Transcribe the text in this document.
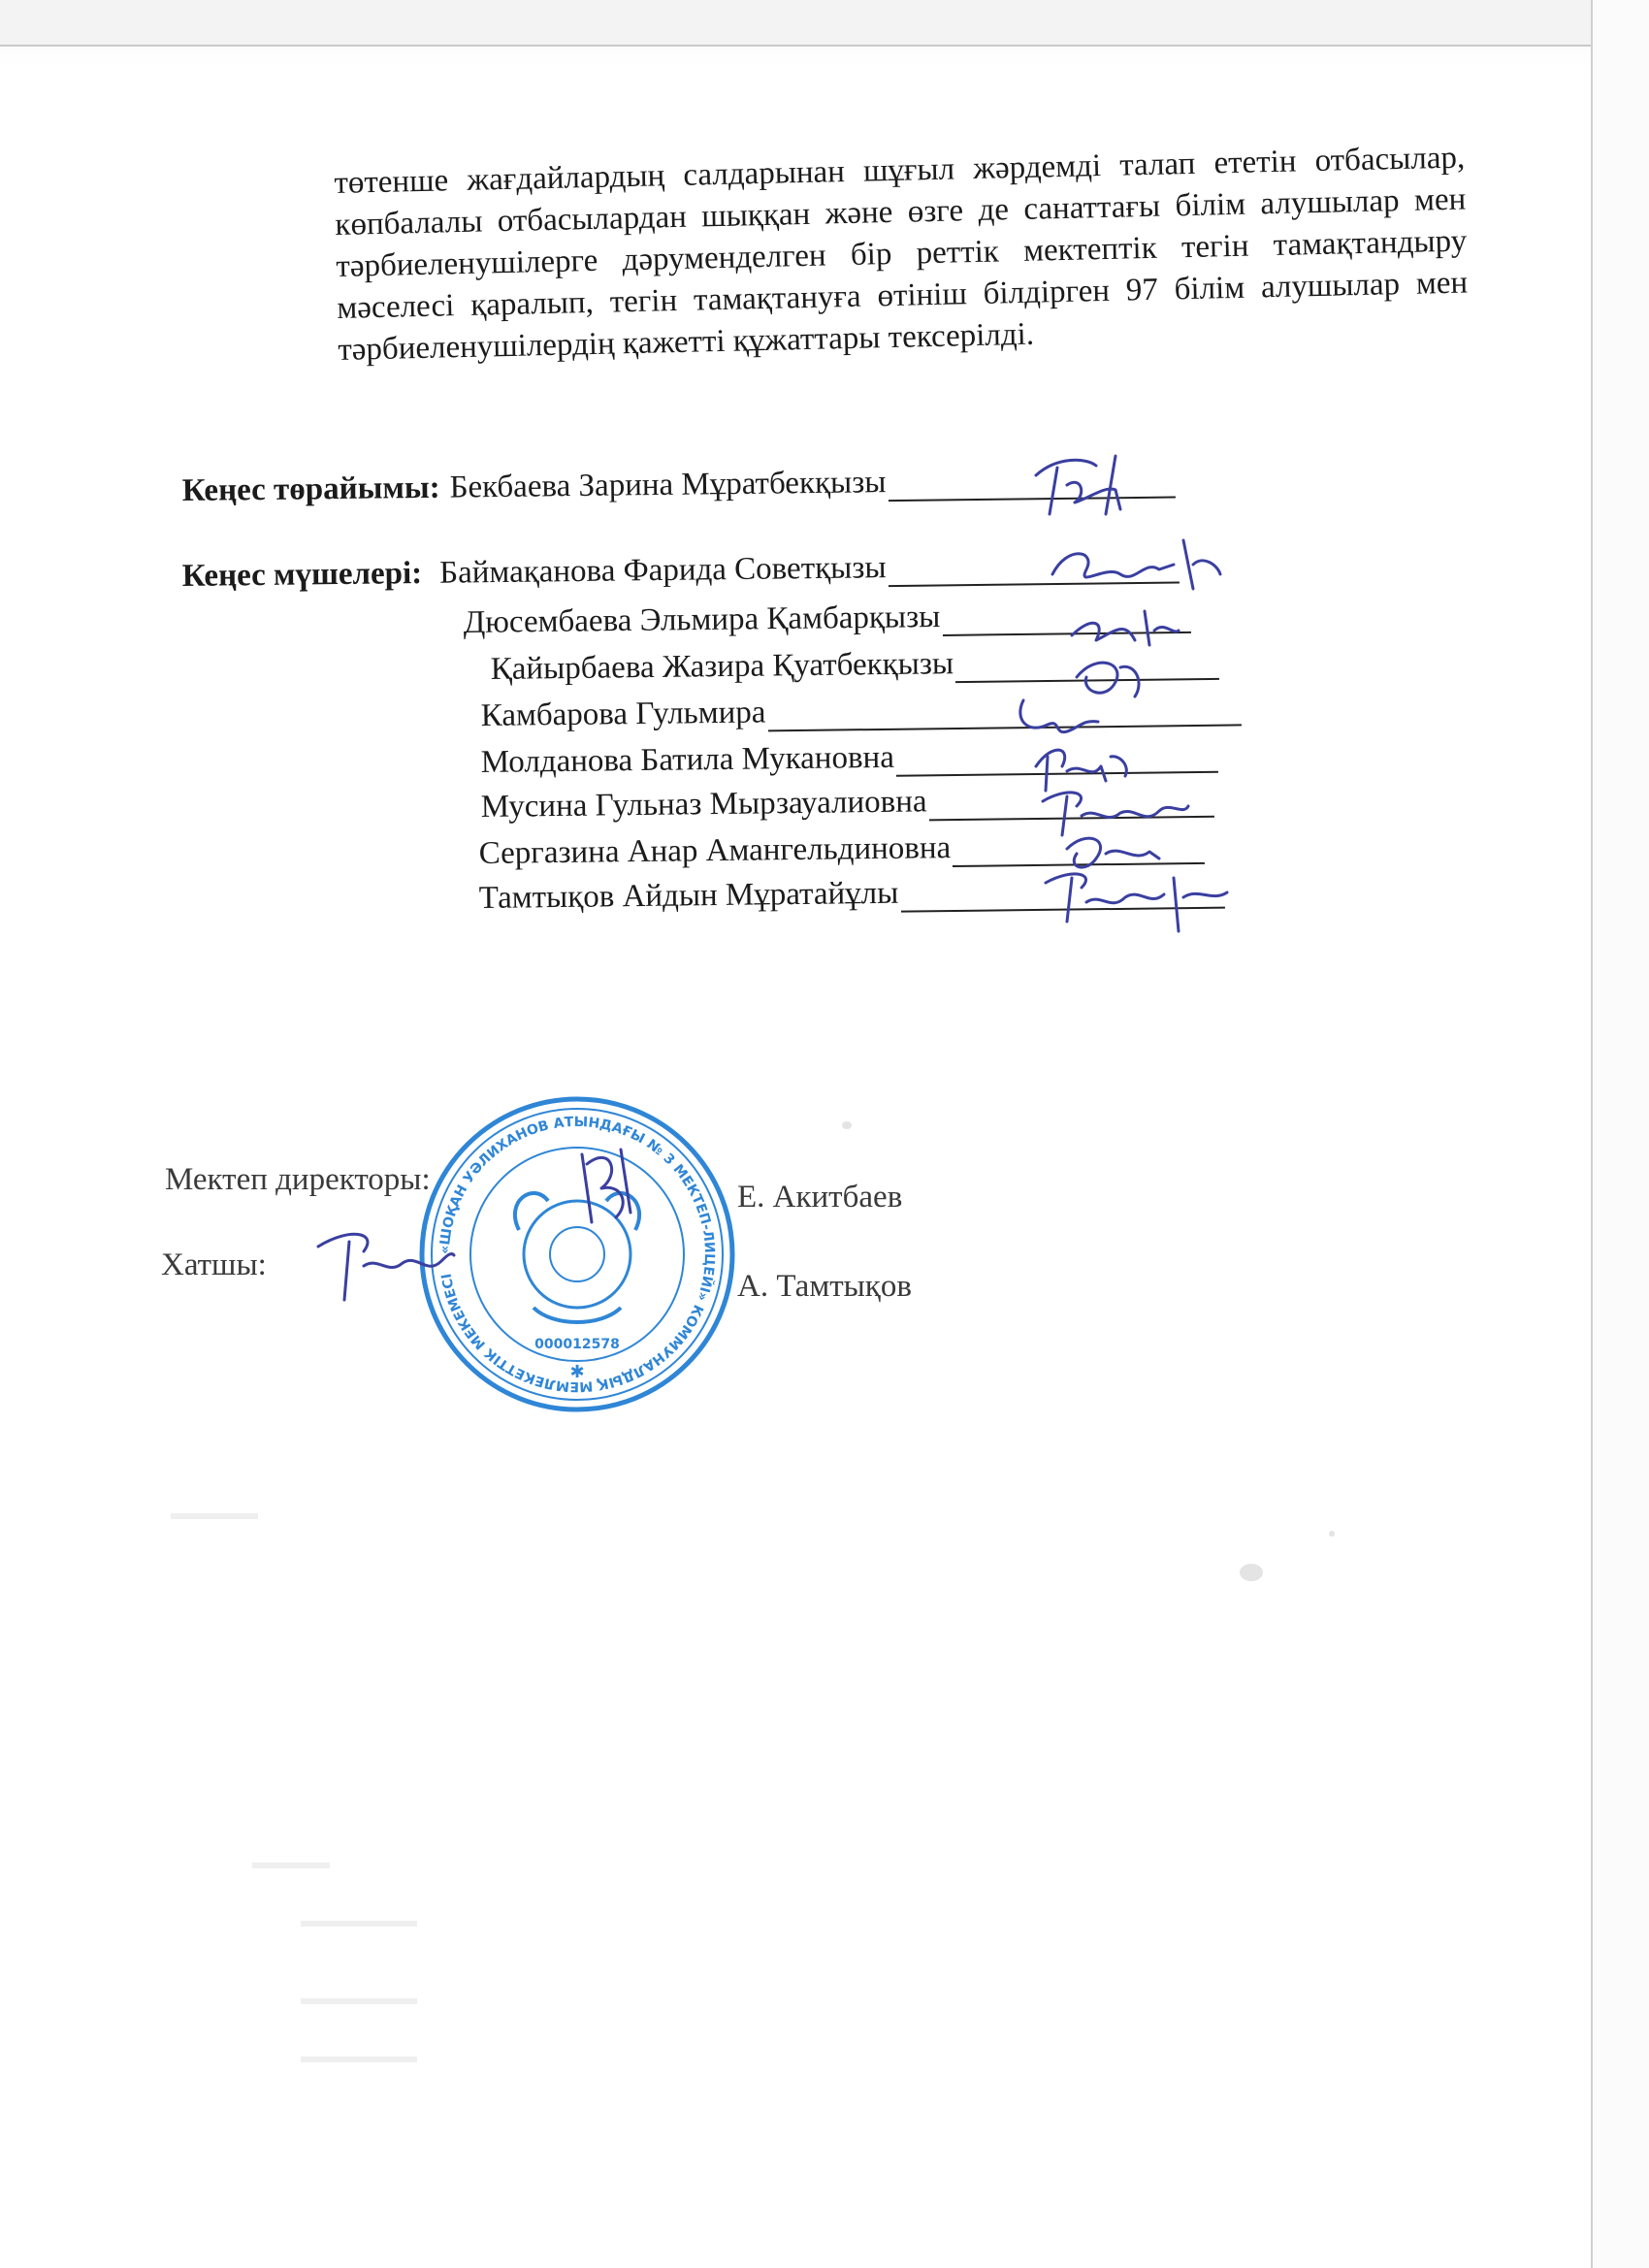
төтенше жағдайлардың салдарынан шұғыл жәрдемді талап ететін отбасылар, көпбалалы отбасылардан шыққан және өзге де санаттағы білім алушылар мен тәрбиеленушілерге дәруменделген бір реттік мектептік тегін тамақтандыру мәселесі қаралып, тегін тамақтануға өтініш білдірген 97 білім алушылар мен тәрбиеленушілердің қажетті құжаттары тексерілді.

Кеңес төрайымы: Бекбаева Зарина Мұратбекқызы
Кеңес мүшелері: Баймақанова Фарида Советқызы
Дюсембаева Эльмира Қамбарқызы
Қайырбаева Жазира Қуатбекқызы
Камбарова Гульмира
Молданова Батила Мукановна
Мусина Гульназ Мырзауалиовна
Сергазина Анар Амангельдиновна
Тамтықов Айдын Мұратайұлы
«ШОҚАН УӘЛИХАНОВ АТЫНДАҒЫ № 3 МЕКТЕП-ЛИЦЕЙІ» КОММУНАЛДЫҚ МЕМЛЕКЕТТІК МЕКЕМЕСІ
000012578
✱
Мектеп директоры:	Е. Акитбаев
Хатшы:
А. Тамтықов
